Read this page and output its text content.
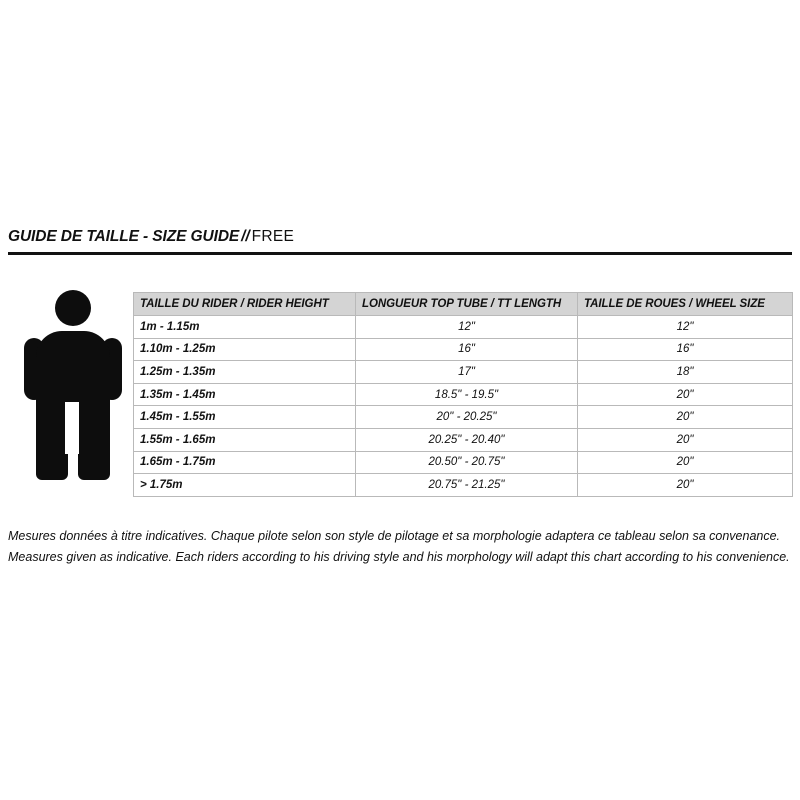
GUIDE DE TAILLE - SIZE GUIDE // FREE
TAILLE DU RIDER / RIDER HEIGHT	LONGUEUR TOP TUBE / TT LENGTH	TAILLE DE ROUES / WHEEL SIZE
1m - 1.15m	12"	12"
1.10m - 1.25m	16"	16"
1.25m - 1.35m	17"	18"
1.35m - 1.45m	18.5" - 19.5"	20"
1.45m - 1.55m	20" - 20.25"	20"
1.55m - 1.65m	20.25" - 20.40"	20"
1.65m - 1.75m	20.50" - 20.75"	20"
> 1.75m	20.75" - 21.25"	20"
Mesures données à titre indicatives. Chaque pilote selon son style de pilotage et sa morphologie adaptera ce tableau selon sa convenance.
Measures given as indicative. Each riders according to his driving style and his morphology will adapt this chart according to his convenience.
